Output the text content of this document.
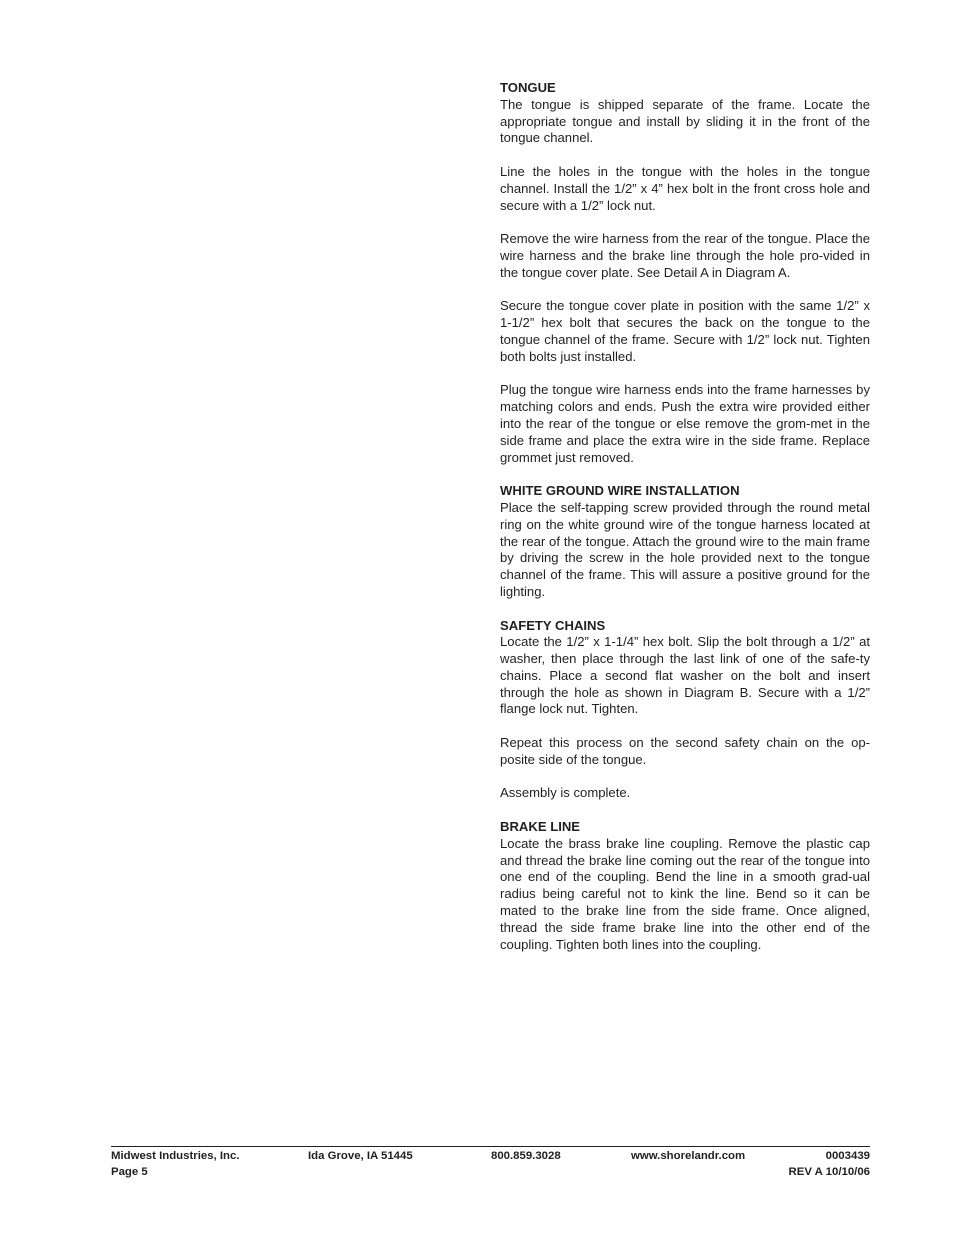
TONGUE

The tongue is shipped separate of the frame. Locate the appropriate tongue and install by sliding it in the front of the tongue channel.

Line the holes in the tongue with the holes in the tongue channel. Install the 1/2” x 4” hex bolt in the front cross hole and secure with a 1/2” lock nut.

Remove the wire harness from the rear of the tongue. Place the wire harness and the brake line through the hole pro-vided in the tongue cover plate. See Detail A in Diagram A.

Secure the tongue cover plate in position with the same 1/2” x 1-1/2” hex bolt that secures the back on the tongue to the tongue channel of the frame. Secure with 1/2” lock nut. Tighten both bolts just installed.

Plug the tongue wire harness ends into the frame harnesses by matching colors and ends. Push the extra wire provided either into the rear of the tongue or else remove the grom-met in the side frame and place the extra wire in the side frame. Replace grommet just removed.

WHITE GROUND WIRE INSTALLATION

Place the self-tapping screw provided through the round metal ring on the white ground wire of the tongue harness located at the rear of the tongue. Attach the ground wire to the main frame by driving the screw in the hole provided next to the tongue channel of the frame. This will assure a positive ground for the lighting.

SAFETY CHAINS

Locate the 1/2” x 1-1/4” hex bolt. Slip the bolt through a 1/2” at washer, then place through the last link of one of the safe-ty chains. Place a second flat washer on the bolt and insert through the hole as shown in Diagram B. Secure with a 1/2” flange lock nut. Tighten.

Repeat this process on the second safety chain on the op-posite side of the tongue.

Assembly is complete.

BRAKE LINE

Locate the brass brake line coupling. Remove the plastic cap and thread the brake line coming out the rear of the tongue into one end of the coupling. Bend the line in a smooth grad-ual radius being careful not to kink the line. Bend so it can be mated to the brake line from the side frame. Once aligned, thread the side frame brake line into the other end of the coupling. Tighten both lines into the coupling.

Midwest Industries, Inc.
Page 5
Ida Grove, IA 51445	800.859.3028	www.shorelandr.com	0003439
REV A 10/10/06
